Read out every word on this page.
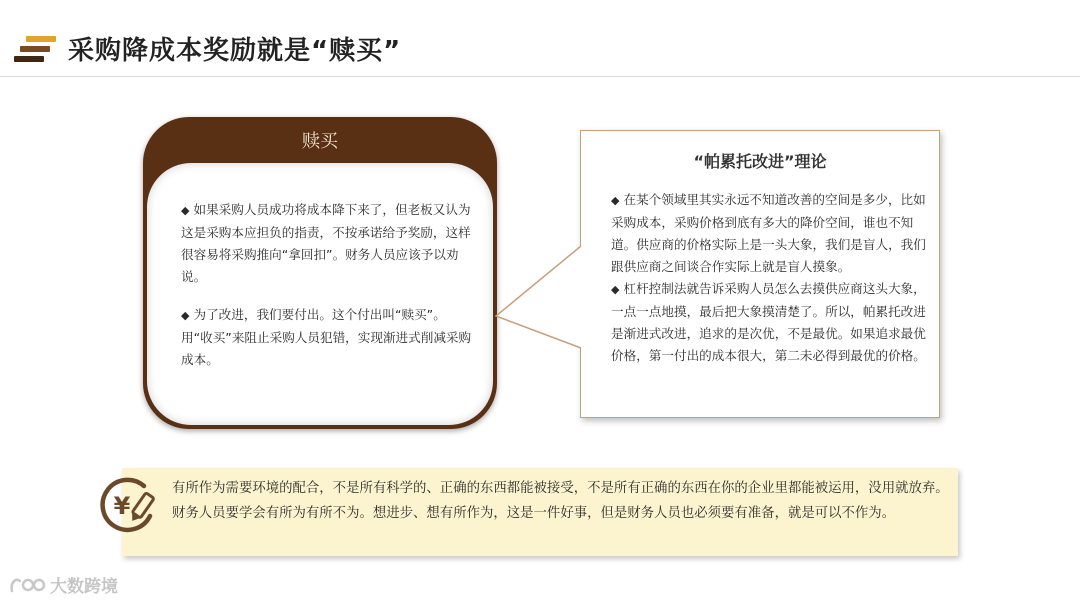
采购降成本奖励就是“赎买”
赎买

◆ 如果采购人员成功将成本降下来了，但老板又认为这是采购本应担负的指责，不按承诺给予奖励，这样很容易将采购推向“拿回扣”。财务人员应该予以劝说。

◆ 为了改进，我们要付出。这个付出叫“赎买”。用“收买”来阻止采购人员犯错，实现渐进式削减采购成本。

“帕累托改进”理论

◆ 在某个领域里其实永远不知道改善的空间是多少，比如采购成本，采购价格到底有多大的降价空间，谁也不知道。供应商的价格实际上是一头大象，我们是盲人，我们跟供应商之间谈合作实际上就是盲人摸象。

◆ 杠杆控制法就告诉采购人员怎么去摸供应商这头大象，一点一点地摸，最后把大象摸清楚了。所以，帕累托改进是渐进式改进，追求的是次优，不是最优。如果追求最优价格，第一付出的成本很大，第二未必得到最优的价格。

有所作为需要环境的配合，不是所有科学的、正确的东西都能被接受，不是所有正确的东西在你的企业里都能被运用，没用就放弃。财务人员要学会有所为有所不为。想进步、想有所作为，这是一件好事，但是财务人员也必须要有准备，就是可以不作为。
¥
大数跨境
